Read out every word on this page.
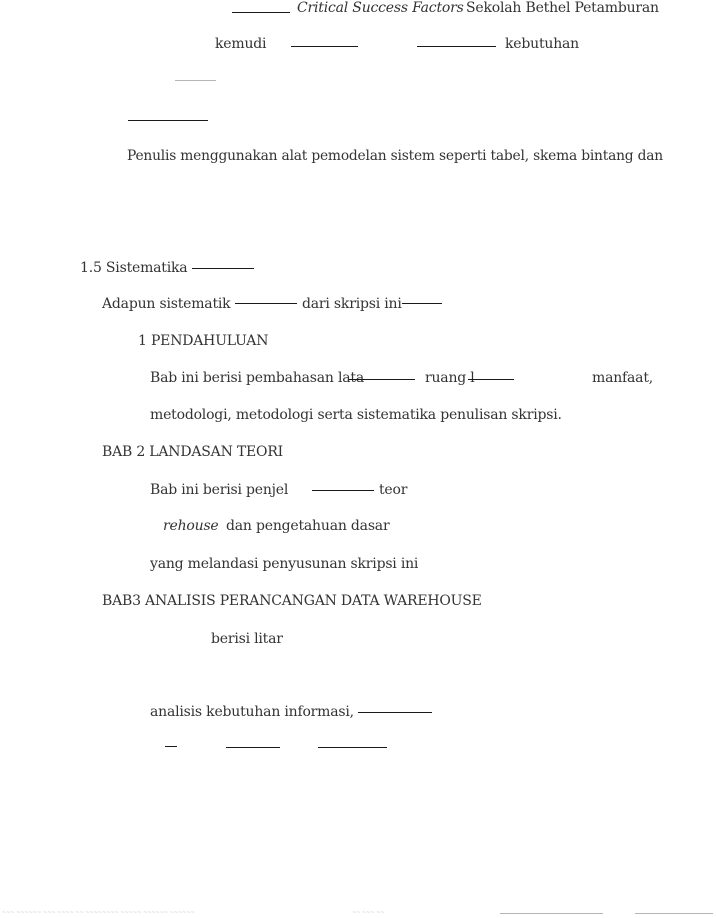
Critical Success Factors Sekolah Bethel Petamburan
kemudi	kebutuhan
Penulis menggunakan alat pemodelan sistem seperti tabel, skema bintang dan
1.5 Sistematika
Adapun sistematik	dari skripsi ini
1 PENDAHULUAN
Bab ini berisi pembahasan lata	ruang l	manfaat,
metodologi, metodologi serta sistematika penulisan skripsi.
BAB 2 LANDASAN TEORI
Bab ini berisi penjel	teor
rehouse dan pengetahuan dasar
yang melandasi penyusunan skripsi ini
BAB3 ANALISIS PERANCANGAN DATA WAREHOUSE
berisi litar
analisis kebutuhan informasi,
~~~ ~~~~~~ ~~~ ~~~~ ~~ ~~~~~~~~ ~~~~~ ~~~~~~ ~~~~~~	~~ ~~~ ~~
